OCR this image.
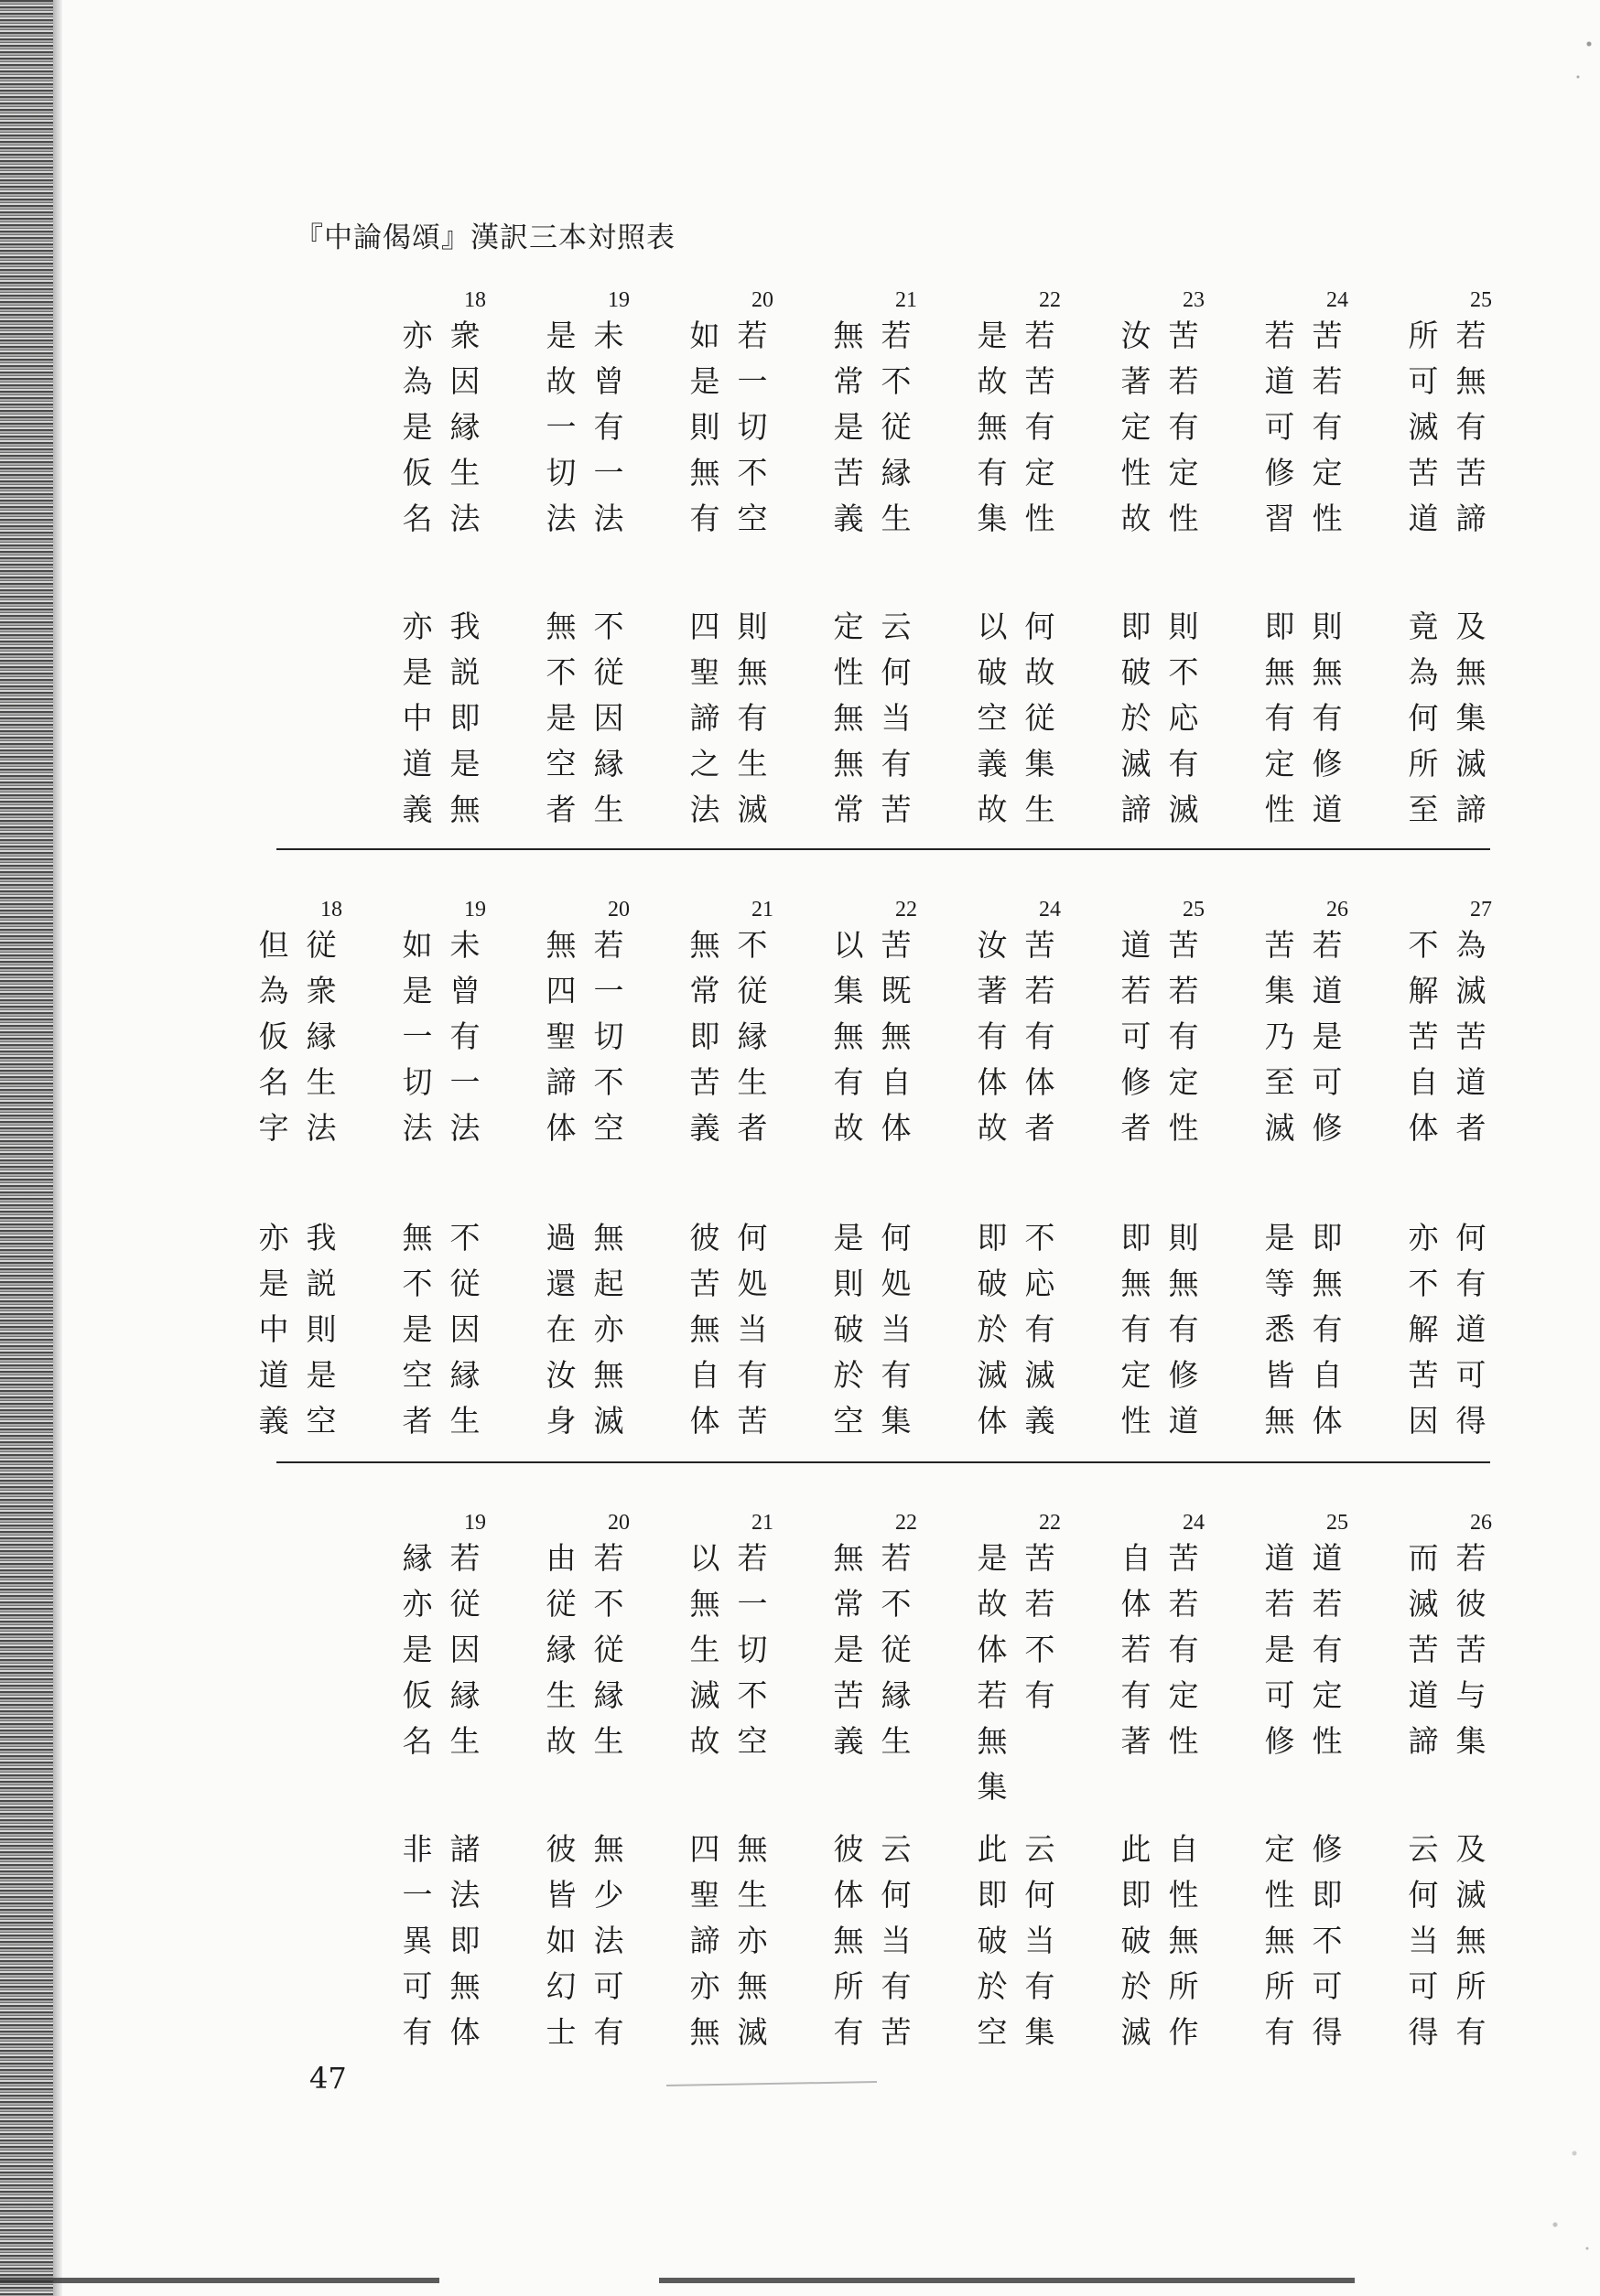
『中論偈頌』漢訳三本対照表
25
若
無
有
苦
諦
所
可
滅
苦
道
24
苦
若
有
定
性
若
道
可
修
習
23
苦
若
有
定
性
汝
著
定
性
故
22
若
苦
有
定
性
是
故
無
有
集
21
若
不
従
縁
生
無
常
是
苦
義
20
若
一
切
不
空
如
是
則
無
有
19
未
曾
有
一
法
是
故
一
切
法
18
衆
因
縁
生
法
亦
為
是
仮
名
及
無
集
滅
諦
竟
為
何
所
至
則
無
有
修
道
即
無
有
定
性
則
不
応
有
滅
即
破
於
滅
諦
何
故
従
集
生
以
破
空
義
故
云
何
当
有
苦
定
性
無
無
常
則
無
有
生
滅
四
聖
諦
之
法
不
従
因
縁
生
無
不
是
空
者
我
説
即
是
無
亦
是
中
道
義
27
為
滅
苦
道
者
不
解
苦
自
体
26
若
道
是
可
修
苦
集
乃
至
滅
25
苦
若
有
定
性
道
若
可
修
者
24
苦
若
有
体
者
汝
著
有
体
故
22
苦
既
無
自
体
以
集
無
有
故
21
不
従
縁
生
者
無
常
即
苦
義
20
若
一
切
不
空
無
四
聖
諦
体
19
未
曾
有
一
法
如
是
一
切
法
18
従
衆
縁
生
法
但
為
仮
名
字
何
有
道
可
得
亦
不
解
苦
因
即
無
有
自
体
是
等
悉
皆
無
則
無
有
修
道
即
無
有
定
性
不
応
有
滅
義
即
破
於
滅
体
何
処
当
有
集
是
則
破
於
空
何
処
当
有
苦
彼
苦
無
自
体
無
起
亦
無
滅
過
還
在
汝
身
不
従
因
縁
生
無
不
是
空
者
我
説
則
是
空
亦
是
中
道
義
26
若
彼
苦
与
集
而
滅
苦
道
諦
25
道
若
有
定
性
道
若
是
可
修
24
苦
若
有
定
性
自
体
若
有
著
22
苦
若
不
有
是
故
体
若
無
集
22
若
不
従
縁
生
無
常
是
苦
義
21
若
一
切
不
空
以
無
生
滅
故
20
若
不
従
縁
生
由
従
縁
生
故
19
若
従
因
縁
生
縁
亦
是
仮
名
及
滅
無
所
有
云
何
当
可
得
修
即
不
可
得
定
性
無
所
有
自
性
無
所
作
此
即
破
於
滅
云
何
当
有
集
此
即
破
於
空
云
何
当
有
苦
彼
体
無
所
有
無
生
亦
無
滅
四
聖
諦
亦
無
無
少
法
可
有
彼
皆
如
幻
士
諸
法
即
無
体
非
一
異
可
有
47
